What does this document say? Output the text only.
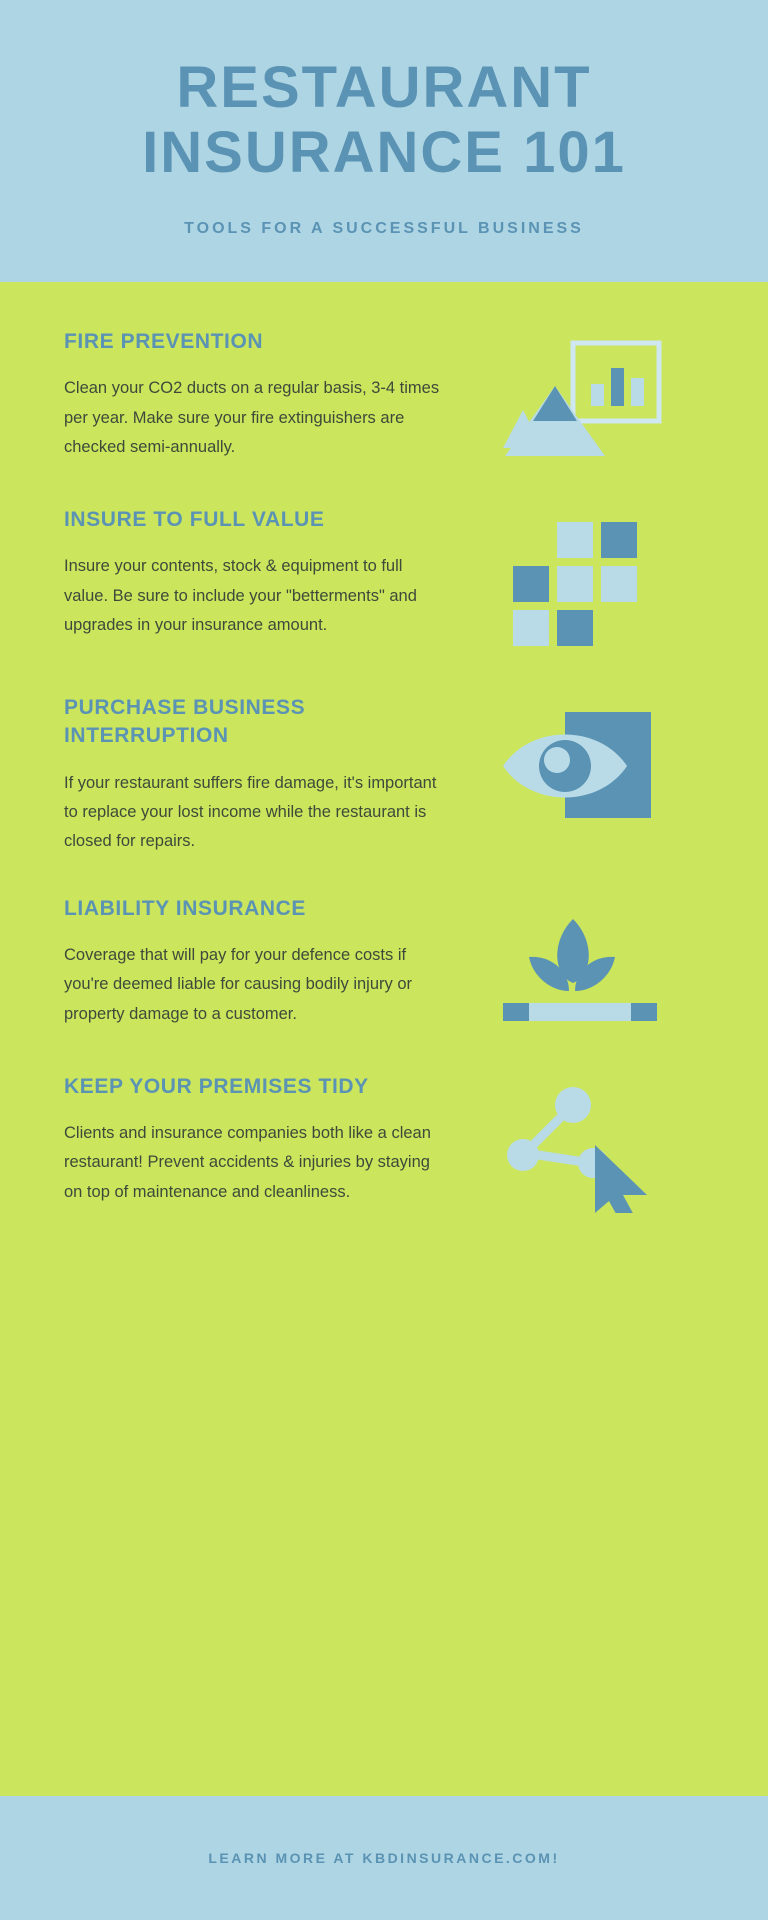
RESTAURANT INSURANCE 101
TOOLS FOR A SUCCESSFUL BUSINESS
FIRE PREVENTION

Clean your CO2 ducts on a regular basis, 3-4 times per year. Make sure your fire extinguishers are checked semi-annually.

INSURE TO FULL VALUE

Insure your contents, stock & equipment to full value. Be sure to include your "betterments" and upgrades in your insurance amount.

PURCHASE BUSINESS INTERRUPTION

If your restaurant suffers fire damage, it's important to replace your lost income while the restaurant is closed for repairs.

LIABILITY INSURANCE

Coverage that will pay for your defence costs if you're deemed liable for causing bodily injury or property damage to a customer.

KEEP YOUR PREMISES TIDY

Clients and insurance companies both like a clean restaurant! Prevent accidents & injuries by staying on top of maintenance and cleanliness.

LEARN MORE AT KBDINSURANCE.COM!
